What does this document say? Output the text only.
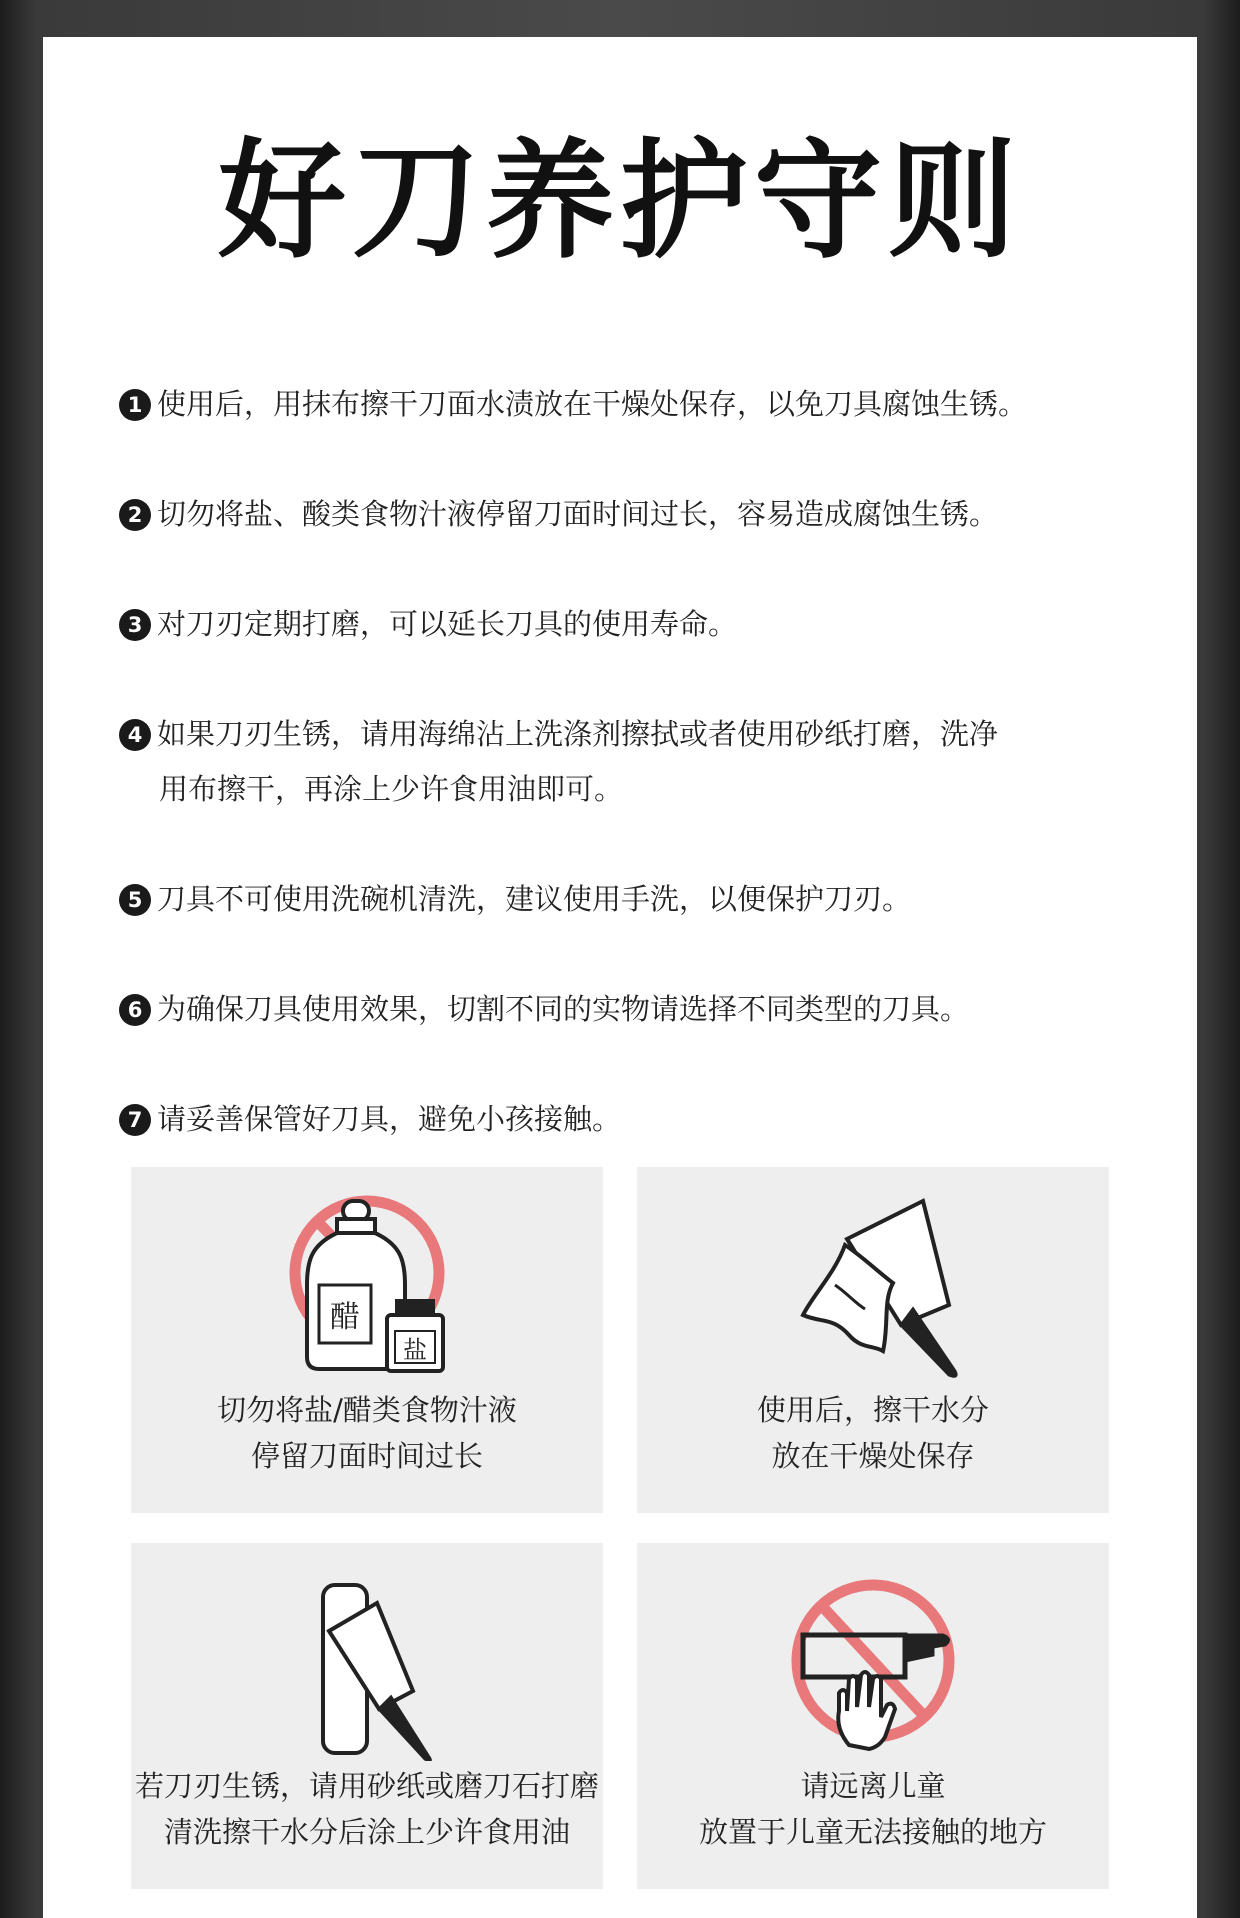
好刀养护守则
1 使用后，用抹布擦干刀面水渍放在干燥处保存，以免刀具腐蚀生锈。
2 切勿将盐、酸类食物汁液停留刀面时间过长，容易造成腐蚀生锈。
3 对刀刃定期打磨，可以延长刀具的使用寿命。
4 如果刀刃生锈，请用海绵沾上洗涤剂擦拭或者使用砂纸打磨，洗净
用布擦干，再涂上少许食用油即可。
5 刀具不可使用洗碗机清洗，建议使用手洗，以便保护刀刃。
6 为确保刀具使用效果，切割不同的实物请选择不同类型的刀具。
7 请妥善保管好刀具，避免小孩接触。
醋
盐
切勿将盐/醋类食物汁液
停留刀面时间过长
使用后，擦干水分
放在干燥处保存
若刀刃生锈，请用砂纸或磨刀石打磨
清洗擦干水分后涂上少许食用油
请远离儿童
放置于儿童无法接触的地方
